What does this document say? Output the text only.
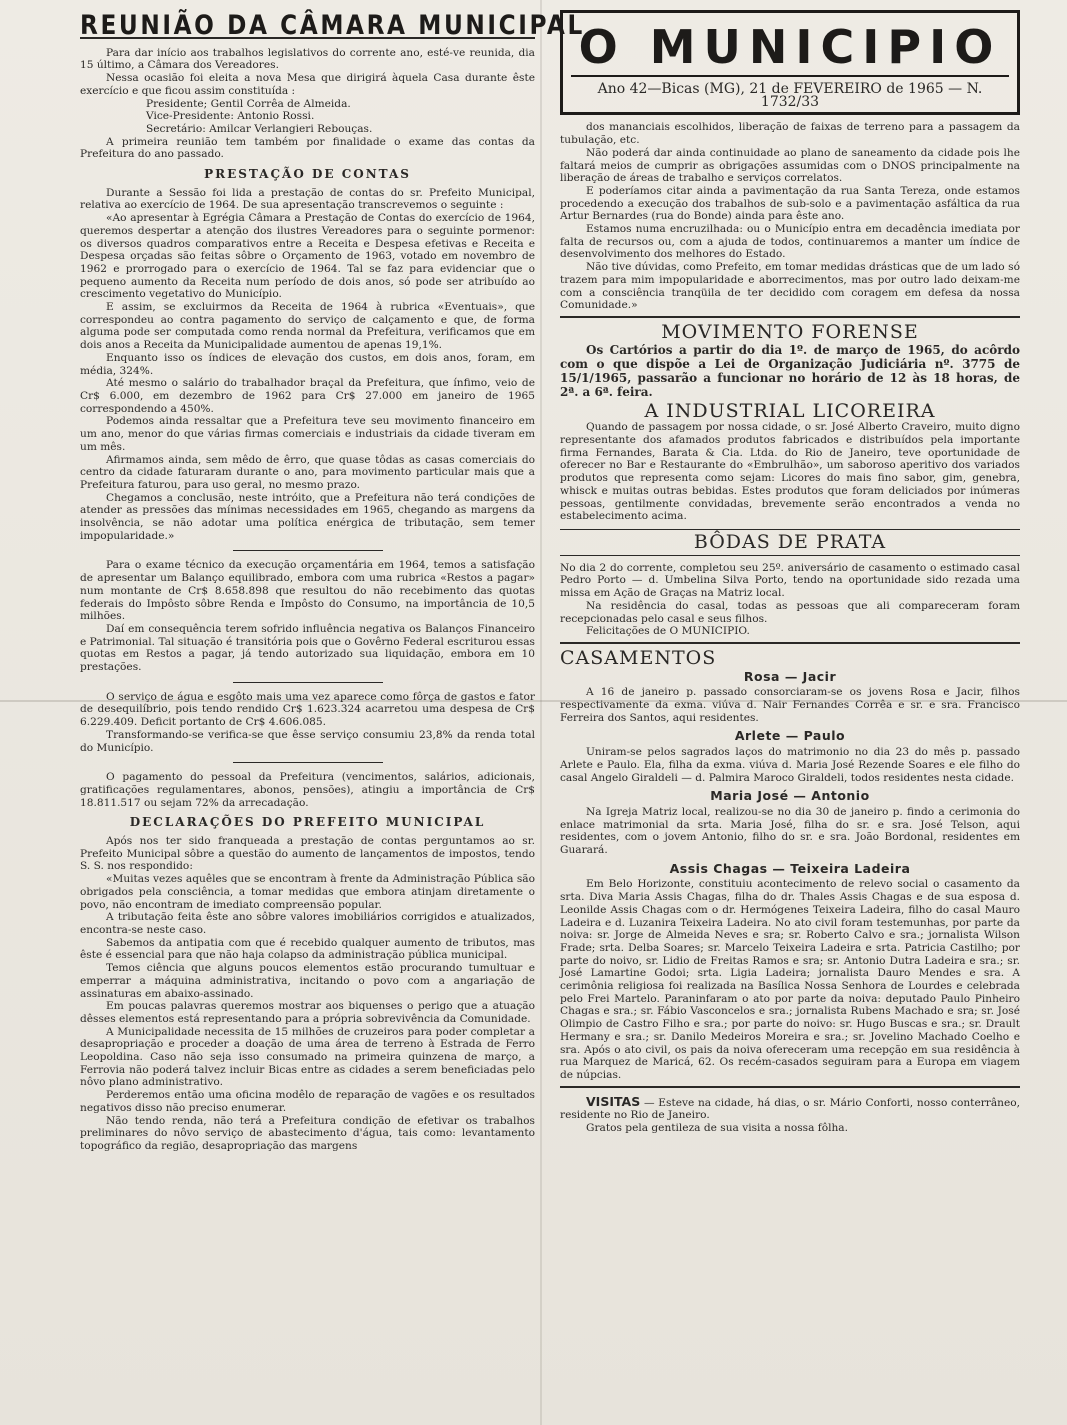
REUNIÃO DA CÂMARA MUNICIPAL

Para dar início aos trabalhos legislativos do corrente ano, esté-ve reunida, dia 15 último, a Câmara dos Vereadores.

Nessa ocasião foi eleita a nova Mesa que dirigirá àquela Casa durante êste exercício e que ficou assim constituída :

Presidente; Gentil Corrêa de Almeida.

Vice-Presidente: Antonio Rossi.

Secretário: Amilcar Verlangieri Rebouças.

A primeira reunião tem também por finalidade o exame das contas da Prefeitura do ano passado.

PRESTAÇÃO DE CONTAS

Durante a Sessão foi lida a prestação de contas do sr. Prefeito Municipal, relativa ao exercício de 1964. De sua apresentação transcrevemos o seguinte :

«Ao apresentar à Egrégia Câmara a Prestação de Contas do exercício de 1964, queremos despertar a atenção dos ilustres Vereadores para o seguinte pormenor: os diversos quadros comparativos entre a Receita e Despesa efetivas e Receita e Despesa orçadas são feitas sôbre o Orçamento de 1963, votado em novembro de 1962 e prorrogado para o exercício de 1964. Tal se faz para evidenciar que o pequeno aumento da Receita num período de dois anos, só pode ser atribuído ao crescimento vegetativo do Município.

E assim, se excluirmos da Receita de 1964 à rubrica «Eventuais», que correspondeu ao contra pagamento do serviço de calçamento e que, de forma alguma pode ser computada como renda normal da Prefeitura, verificamos que em dois anos a Receita da Municipalidade aumentou de apenas 19,1%.

Enquanto isso os índices de elevação dos custos, em dois anos, foram, em média, 324%.

Até mesmo o salário do trabalhador braçal da Prefeitura, que ínfimo, veio de Cr$ 6.000, em dezembro de 1962 para Cr$ 27.000 em janeiro de 1965 correspondendo a 450%.

Podemos ainda ressaltar que a Prefeitura teve seu movimento financeiro em um ano, menor do que várias firmas comerciais e industriais da cidade tiveram em um mês.

Afirmamos ainda, sem mêdo de êrro, que quase tôdas as casas comerciais do centro da cidade faturaram durante o ano, para movimento particular mais que a Prefeitura faturou, para uso geral, no mesmo prazo.

Chegamos a conclusão, neste intróito, que a Prefeitura não terá condições de atender as pressões das mínimas necessidades em 1965, chegando as margens da insolvência, se não adotar uma política enérgica de tributação, sem temer impopularidade.»

Para o exame técnico da execução orçamentária em 1964, temos a satisfação de apresentar um Balanço equilibrado, embora com uma rubrica «Restos a pagar» num montante de Cr$ 8.658.898 que resultou do não recebimento das quotas federais do Impôsto sôbre Renda e Impôsto do Consumo, na importância de 10,5 milhões.

Daí em consequência terem sofrido influência negativa os Balanços Financeiro e Patrimonial. Tal situação é transitória pois que o Govêrno Federal escriturou essas quotas em Restos a pagar, já tendo autorizado sua liquidação, embora em 10 prestações.

O serviço de água e esgôto mais uma vez aparece como fôrça de gastos e fator de desequilíbrio, pois tendo rendido Cr$ 1.623.324 acarretou uma despesa de Cr$ 6.229.409. Deficit portanto de Cr$ 4.606.085.

Transformando-se verifica-se que êsse serviço consumiu 23,8% da renda total do Município.

O pagamento do pessoal da Prefeitura (vencimentos, salários, adicionais, gratificações regulamentares, abonos, pensões), atingiu a importância de Cr$ 18.811.517 ou sejam 72% da arrecadação.

DECLARAÇÕES DO PREFEITO MUNICIPAL

Após nos ter sido franqueada a prestação de contas perguntamos ao sr. Prefeito Municipal sôbre a questão do aumento de lançamentos de impostos, tendo S. S. nos respondido:

«Muitas vezes aquêles que se encontram à frente da Administração Pública são obrigados pela consciência, a tomar medidas que embora atinjam diretamente o povo, não encontram de imediato compreensão popular.

A tributação feita êste ano sôbre valores imobiliários corrigidos e atualizados, encontra-se neste caso.

Sabemos da antipatia com que é recebido qualquer aumento de tributos, mas êste é essencial para que não haja colapso da administração pública municipal.

Temos ciência que alguns poucos elementos estão procurando tumultuar e emperrar a máquina administrativa, incitando o povo com a angariação de assinaturas em abaixo-assinado.

Em poucas palavras queremos mostrar aos biquenses o perigo que a atuação dêsses elementos está representando para a própria sobrevivência da Comunidade.

A Municipalidade necessita de 15 milhões de cruzeiros para poder completar a desapropriação e proceder a doação de uma área de terreno à Estrada de Ferro Leopoldina. Caso não seja isso consumado na primeira quinzena de março, a Ferrovia não poderá talvez incluir Bicas entre as cidades a serem beneficiadas pelo nôvo plano administrativo.

Perderemos então uma oficina modêlo de reparação de vagões e os resultados negativos disso não preciso enumerar.

Não tendo renda, não terá a Prefeitura condição de efetivar os trabalhos preliminares do nôvo serviço de abastecimento d'água, tais como: levantamento topográfico da região, desapropriação das margens

O MUNICIPIO
Ano 42—Bicas (MG), 21 de FEVEREIRO de 1965 — N. 1732/33

dos mananciais escolhidos, liberação de faixas de terreno para a passagem da tubulação, etc.

Não poderá dar ainda continuidade ao plano de saneamento da cidade pois lhe faltará meios de cumprir as obrigações assumidas com o DNOS principalmente na liberação de áreas de trabalho e serviços correlatos.

E poderíamos citar ainda a pavimentação da rua Santa Tereza, onde estamos procedendo a execução dos trabalhos de sub-solo e a pavimentação asfáltica da rua Artur Bernardes (rua do Bonde) ainda para êste ano.

Estamos numa encruzilhada: ou o Município entra em decadência imediata por falta de recursos ou, com a ajuda de todos, continuaremos a manter um índice de desenvolvimento dos melhores do Estado.

Não tive dúvidas, como Prefeito, em tomar medidas drásticas que de um lado só trazem para mim impopularidade e aborrecimentos, mas por outro lado deixam-me com a consciência tranqüila de ter decidido com coragem em defesa da nossa Comunidade.»

MOVIMENTO FORENSE

Os Cartórios a partir do dia 1º. de março de 1965, do acôrdo com o que dispõe a Lei de Organização Judiciária nº. 3775 de 15/1/1965, passarão a funcionar no horário de 12 às 18 horas, de 2ª. a 6ª. feira.

A INDUSTRIAL LICOREIRA

Quando de passagem por nossa cidade, o sr. José Alberto Craveiro, muito digno representante dos afamados produtos fabricados e distribuídos pela importante firma Fernandes, Barata & Cia. Ltda. do Rio de Janeiro, teve oportunidade de oferecer no Bar e Restaurante do «Embrulhão», um saboroso aperitivo dos variados produtos que representa como sejam: Licores do mais fino sabor, gim, genebra, whisck e muitas outras bebidas. Estes produtos que foram deliciados por inúmeras pessoas, gentilmente convidadas, brevemente serão encontrados a venda no estabelecimento acima.

BÔDAS DE PRATA

No dia 2 do corrente, completou seu 25º. aniversário de casamento o estimado casal Pedro Porto — d. Umbelina Silva Porto, tendo na oportunidade sido rezada uma missa em Ação de Graças na Matriz local.

Na residência do casal, todas as pessoas que ali compareceram foram recepcionadas pelo casal e seus filhos.

Felicitações de O MUNICIPIO.

CASAMENTOS
Rosa — Jacir

A 16 de janeiro p. passado consorciaram-se os jovens Rosa e Jacir, filhos respectivamente da exma. viúva d. Nair Fernandes Corrêa e sr. e sra. Francisco Ferreira dos Santos, aqui residentes.

Arlete — Paulo

Uniram-se pelos sagrados laços do matrimonio no dia 23 do mês p. passado Arlete e Paulo. Ela, filha da exma. viúva d. Maria José Rezende Soares e ele filho do casal Angelo Giraldeli — d. Palmira Maroco Giraldeli, todos residentes nesta cidade.

Maria José — Antonio

Na Igreja Matriz local, realizou-se no dia 30 de janeiro p. findo a cerimonia do enlace matrimonial da srta. Maria José, filha do sr. e sra. José Telson, aqui residentes, com o jovem Antonio, filho do sr. e sra. João Bordonal, residentes em Guarará.

Assis Chagas — Teixeira Ladeira

Em Belo Horizonte, constituiu acontecimento de relevo social o casamento da srta. Diva Maria Assis Chagas, filha do dr. Thales Assis Chagas e de sua esposa d. Leonilde Assis Chagas com o dr. Hermógenes Teixeira Ladeira, filho do casal Mauro Ladeira e d. Luzanira Teixeira Ladeira. No ato civil foram testemunhas, por parte da noiva: sr. Jorge de Almeida Neves e sra; sr. Roberto Calvo e sra.; jornalista Wilson Frade; srta. Delba Soares; sr. Marcelo Teixeira Ladeira e srta. Patricia Castilho; por parte do noivo, sr. Lidio de Freitas Ramos e sra; sr. Antonio Dutra Ladeira e sra.; sr. José Lamartine Godoi; srta. Ligia Ladeira; jornalista Dauro Mendes e sra. A cerimônia religiosa foi realizada na Basílica Nossa Senhora de Lourdes e celebrada pelo Frei Martelo. Paraninfaram o ato por parte da noiva: deputado Paulo Pinheiro Chagas e sra.; sr. Fábio Vasconcelos e sra.; jornalista Rubens Machado e sra; sr. José Olimpio de Castro Filho e sra.; por parte do noivo: sr. Hugo Buscas e sra.; sr. Drault Hermany e sra.; sr. Danilo Medeiros Moreira e sra.; sr. Jovelino Machado Coelho e sra. Após o ato civil, os pais da noiva ofereceram uma recepção em sua residência à rua Marquez de Maricá, 62. Os recém-casados seguiram para a Europa em viagem de núpcias.

VISITAS — Esteve na cidade, há dias, o sr. Mário Conforti, nosso conterrâneo, residente no Rio de Janeiro.

Gratos pela gentileza de sua visita a nossa fôlha.
